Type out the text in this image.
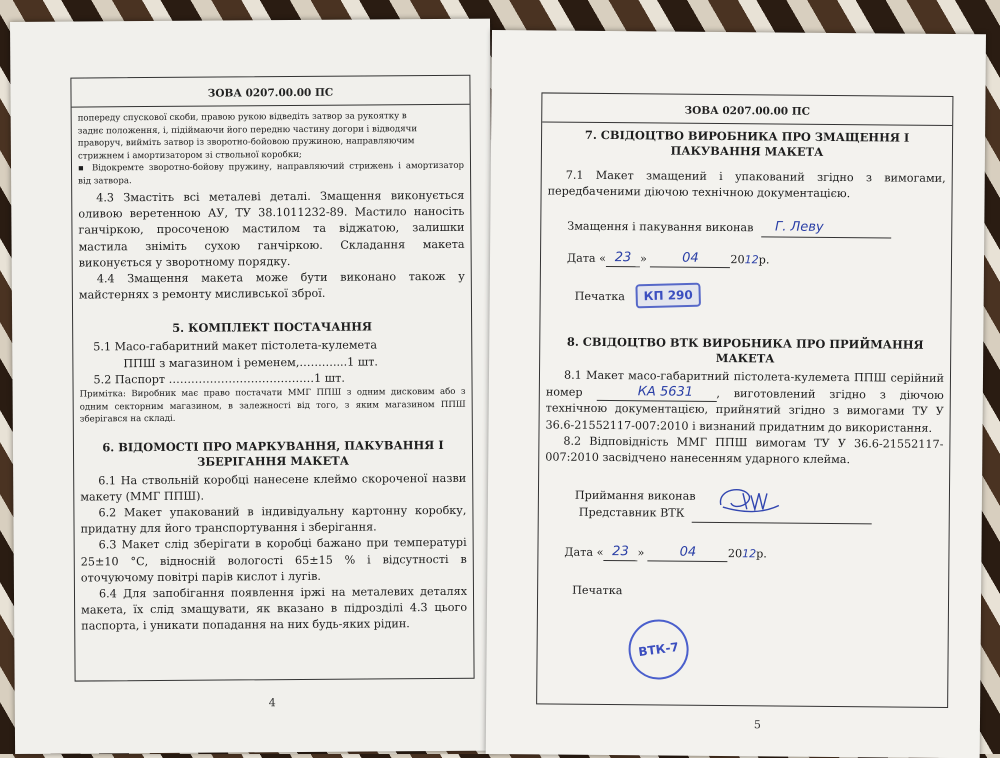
ЗОВА 0207.00.00 ПС

попереду спускової скоби, правою рукою відведіть затвор за рукоятку в

заднє положення, і, підіймаючи його передню частину догори і відводячи

праворуч, вийміть затвор із зворотно-бойовою пружиною, направляючим

стрижнем і амортизатором зі ствольної коробки;

▪ Відокремте зворотно-бойову пружину, направляючий стрижень і амортизатор від затвора.

4.3 Змастіть всі металеві деталі. Змащення виконується оливою веретенною АУ, ТУ 38.1011232-89. Мастило наносіть ганчіркою, просоченою мастилом та віджатою, залишки мастила зніміть сухою ганчіркою. Складання макета виконується у зворотному порядку.

4.4 Змащення макета може бути виконано також у майстернях з ремонту мисливської зброї.

5. КОМПЛЕКТ ПОСТАЧАННЯ

5.1 Масо-габаритний макет пістолета-кулемета

ППШ з магазином і ременем,………....1 шт.

5.2 Паспорт …………………………………1 шт.

Примітка: Виробник має право постачати ММГ ППШ з одним дисковим або з одним секторним магазином, в залежності від того, з яким магазином ППШ зберігався на складі.

6. ВІДОМОСТІ ПРО МАРКУВАННЯ, ПАКУВАННЯ І ЗБЕРІГАННЯ МАКЕТА

6.1 На ствольній коробці нанесене клеймо скороченої назви макету (ММГ ППШ).

6.2 Макет упакований в індивідуальну картонну коробку, придатну для його транспортування і зберігання.

6.3 Макет слід зберігати в коробці бажано при температурі 25±10 °С, відносній вологості 65±15 % і відсутності в оточуючому повітрі парів кислот і лугів.

6.4 Для запобігання появлення іржі на металевих деталях макета, їх слід змащувати, як вказано в підрозділі 4.3 цього паспорта, і уникати попадання на них будь-яких рідин.

4
ЗОВА 0207.00.00 ПС
7. СВІДОЦТВО ВИРОБНИКА ПРО ЗМАЩЕННЯ І ПАКУВАННЯ МАКЕТА

7.1 Макет змащений і упакований згідно з вимогами, передбаченими діючою технічною документацією.

Змащення і пакування виконав Г. Леву

Дата « 23 »	04	2012р.

Печатка

8. СВІДОЦТВО ВТК ВИРОБНИКА ПРО ПРИЙМАННЯ МАКЕТА

8.1 Макет масо-габаритний пістолета-кулемета ППШ серійний номер	КА 5631 , виготовлений згідно з діючою технічною документацією, прийнятий згідно з вимогами ТУ У 36.6-21552117-007:2010 і визнаний придатним до використання.

8.2 Відповідність ММГ ППШ вимогам ТУ У 36.6-21552117-007:2010 засвідчено нанесенням ударного клейма.

Приймання виконав

Представник ВТК

Дата « 23 »	04	2012р.

Печатка

КП 290
ВТК-7
5
